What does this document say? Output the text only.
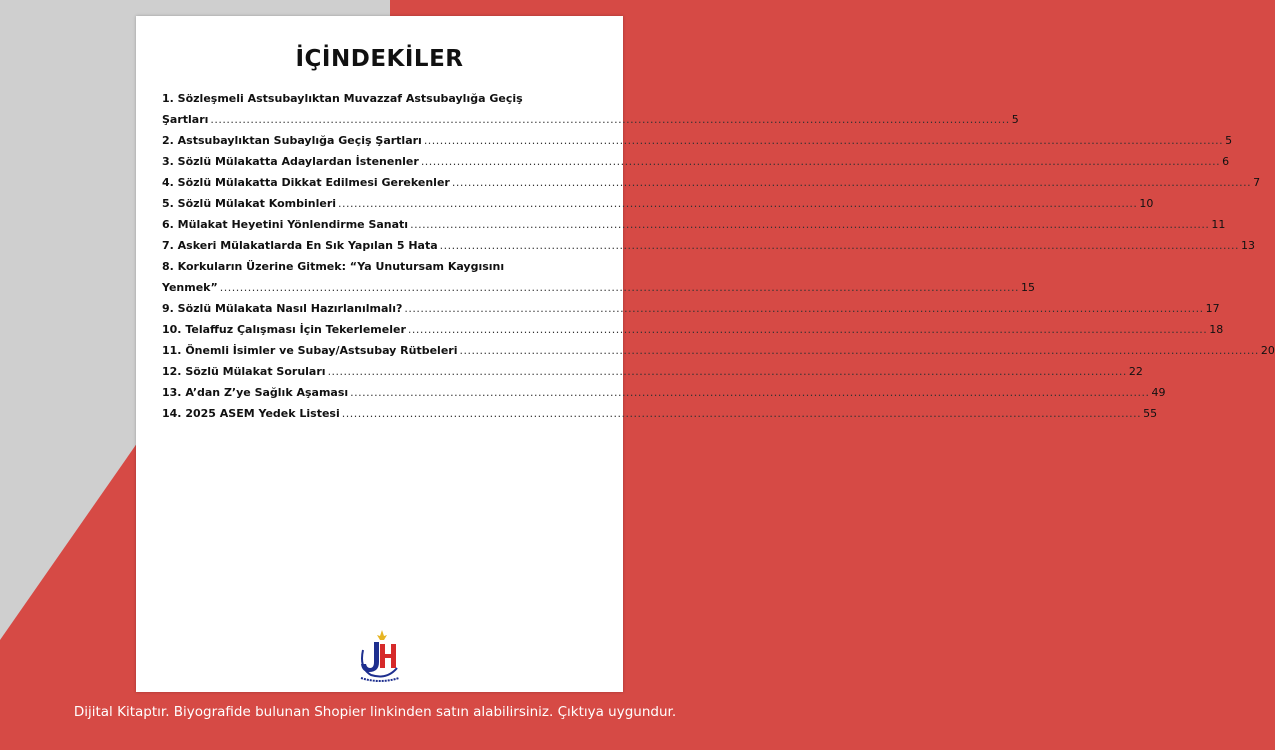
İÇİNDEKİLER
1. Sözleşmeli Astsubaylıktan Muvazzaf Astsubaylığa Geçiş
Şartları ........................................................................................................................................................................................................ 5
2. Astsubaylıktan Subaylığa Geçiş Şartları ........................................................................................................................................................................................................ 5
3. Sözlü Mülakatta Adaylardan İstenenler ........................................................................................................................................................................................................ 6
4. Sözlü Mülakatta Dikkat Edilmesi Gerekenler ........................................................................................................................................................................................................ 7
5. Sözlü Mülakat Kombinleri ........................................................................................................................................................................................................ 10
6. Mülakat Heyetini Yönlendirme Sanatı ........................................................................................................................................................................................................ 11
7. Askeri Mülakatlarda En Sık Yapılan 5 Hata ........................................................................................................................................................................................................ 13
8. Korkuların Üzerine Gitmek: “Ya Unutursam Kaygısını
Yenmek” ........................................................................................................................................................................................................ 15
9. Sözlü Mülakata Nasıl Hazırlanılmalı? ........................................................................................................................................................................................................ 17
10. Telaffuz Çalışması İçin Tekerlemeler ........................................................................................................................................................................................................ 18
11. Önemli İsimler ve Subay/Astsubay Rütbeleri ........................................................................................................................................................................................................ 20
12. Sözlü Mülakat Soruları ........................................................................................................................................................................................................ 22
13. A’dan Z’ye Sağlık Aşaması ........................................................................................................................................................................................................ 49
14. 2025 ASEM Yedek Listesi ........................................................................................................................................................................................................ 55
Dijital Kitaptır. Biyografide bulunan Shopier linkinden satın alabilirsiniz. Çıktıya uygundur.
